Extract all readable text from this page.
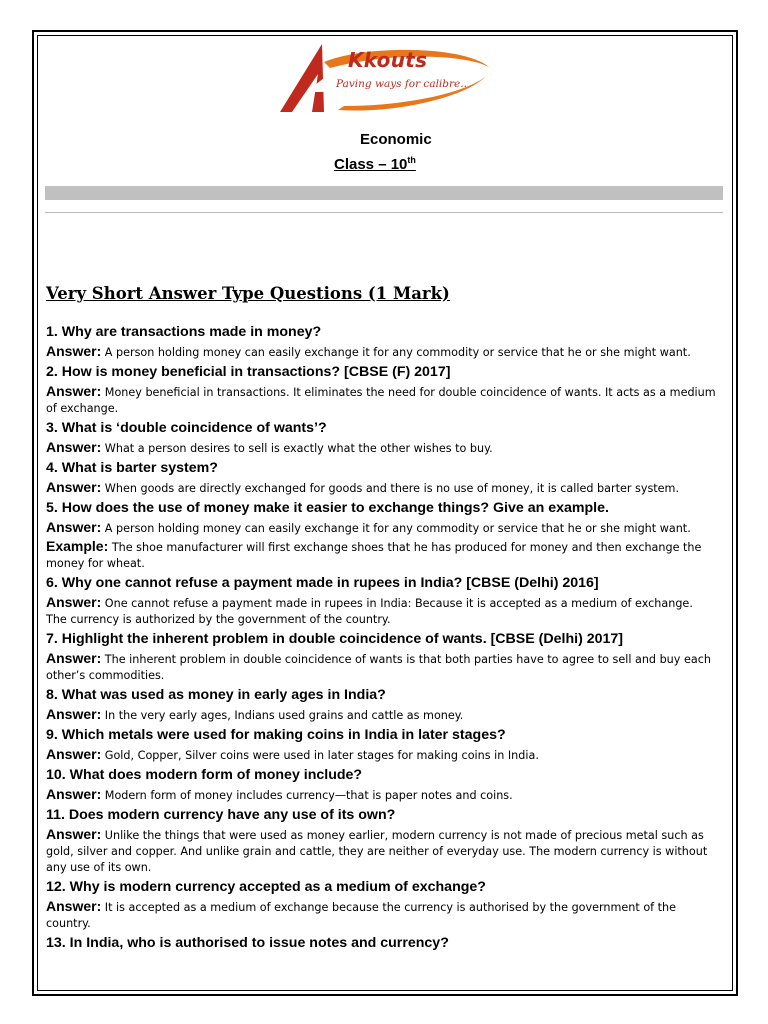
Kkouts
Paving ways for calibre..
Economic
Class – 10th
Very Short Answer Type Questions (1 Mark)
1. Why are transactions made in money?
Answer: A person holding money can easily exchange it for any commodity or service that he or she might want.
2. How is money beneficial in transactions? [CBSE (F) 2017]
Answer: Money beneficial in transactions. It eliminates the need for double coincidence of wants. It acts as a medium of exchange.
3. What is ‘double coincidence of wants’?
Answer: What a person desires to sell is exactly what the other wishes to buy.
4. What is barter system?
Answer: When goods are directly exchanged for goods and there is no use of money, it is called barter system.
5. How does the use of money make it easier to exchange things? Give an example.
Answer: A person holding money can easily exchange it for any commodity or service that he or she might want.
Example: The shoe manufacturer will first exchange shoes that he has produced for money and then exchange the money for wheat.
6. Why one cannot refuse a payment made in rupees in India? [CBSE (Delhi) 2016]
Answer: One cannot refuse a payment made in rupees in India: Because it is accepted as a medium of exchange. The currency is authorized by the government of the country.
7. Highlight the inherent problem in double coincidence of wants. [CBSE (Delhi) 2017]
Answer: The inherent problem in double coincidence of wants is that both parties have to agree to sell and buy each other’s commodities.
8. What was used as money in early ages in India?
Answer: In the very early ages, Indians used grains and cattle as money.
9. Which metals were used for making coins in India in later stages?
Answer: Gold, Copper, Silver coins were used in later stages for making coins in India.
10. What does modern form of money include?
Answer: Modern form of money includes currency—that is paper notes and coins.
11. Does modern currency have any use of its own?
Answer: Unlike the things that were used as money earlier, modern currency is not made of precious metal such as gold, silver and copper. And unlike grain and cattle, they are neither of everyday use. The modern currency is without any use of its own.
12. Why is modern currency accepted as a medium of exchange?
Answer: It is accepted as a medium of exchange because the currency is authorised by the government of the country.
13. In India, who is authorised to issue notes and currency?
